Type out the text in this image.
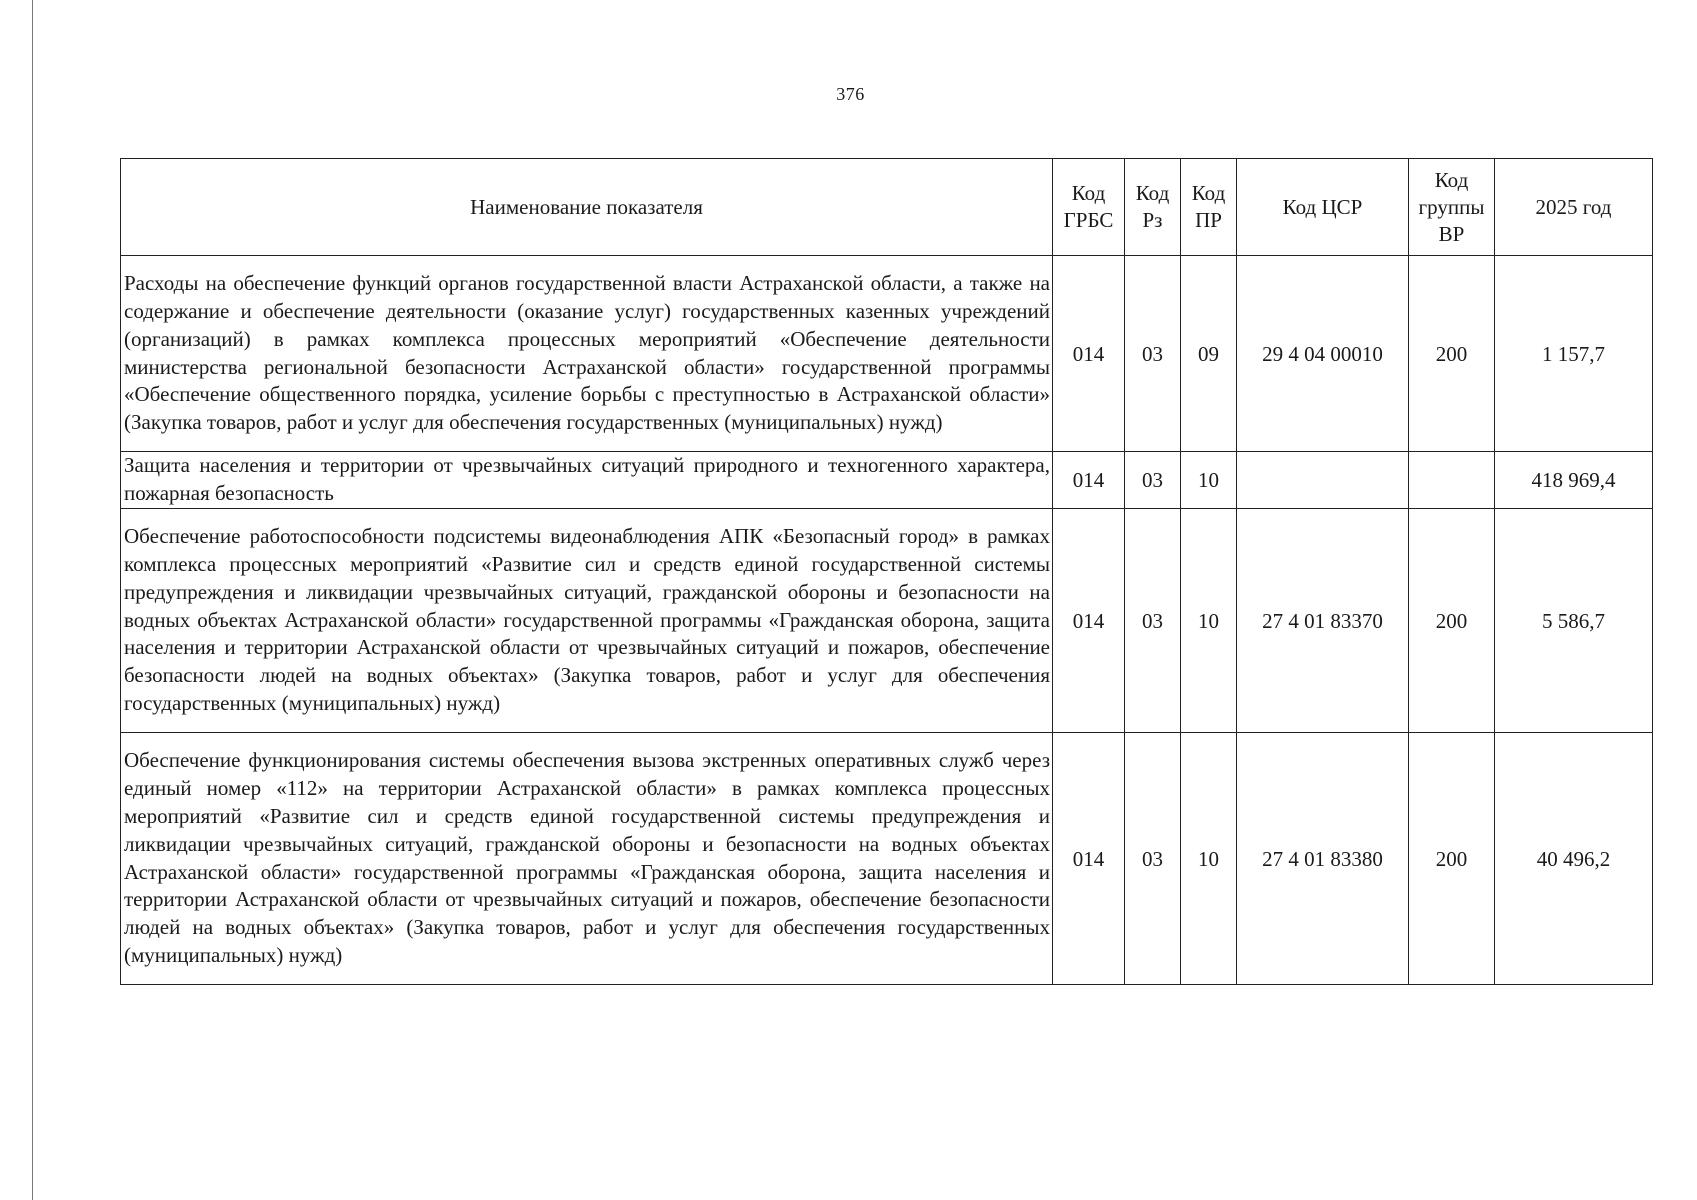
376
Наименование показателя	Код ГРБС	Код Рз	Код ПР	Код ЦСР	Код группы ВР	2025 год
Расходы на обеспечение функций органов государственной власти Астраханской области, а также на содержание и обеспечение деятельности (оказание услуг) государственных казенных учреждений (организаций) в рамках комплекса процессных мероприятий «Обеспечение деятельности министерства региональной безопасности Астраханской области» государственной программы «Обеспечение общественного порядка, усиление борьбы с преступностью в Астраханской области» (Закупка товаров, работ и услуг для обеспечения государственных (муниципальных) нужд)	014	03	09	29 4 04 00010	200	1 157,7
Защита населения и территории от чрезвычайных ситуаций природного и техногенного характера, пожарная безопасность	014	03	10			418 969,4
Обеспечение работоспособности подсистемы видеонаблюдения АПК «Безопасный город» в рамках комплекса процессных мероприятий «Развитие сил и средств единой государственной системы предупреждения и ликвидации чрезвычайных ситуаций, гражданской обороны и безопасности на водных объектах Астраханской области» государственной программы «Гражданская оборона, защита населения и территории Астраханской области от чрезвычайных ситуаций и пожаров, обеспечение безопасности людей на водных объектах» (Закупка товаров, работ и услуг для обеспечения государственных (муниципальных) нужд)	014	03	10	27 4 01 83370	200	5 586,7
Обеспечение функционирования системы обеспечения вызова экстренных оперативных служб через единый номер «112» на территории Астраханской области» в рамках комплекса процессных мероприятий «Развитие сил и средств единой государственной системы предупреждения и ликвидации чрезвычайных ситуаций, гражданской обороны и безопасности на водных объектах Астраханской области» государственной программы «Гражданская оборона, защита населения и территории Астраханской области от чрезвычайных ситуаций и пожаров, обеспечение безопасности людей на водных объектах» (Закупка товаров, работ и услуг для обеспечения государственных (муниципальных) нужд)	014	03	10	27 4 01 83380	200	40 496,2
